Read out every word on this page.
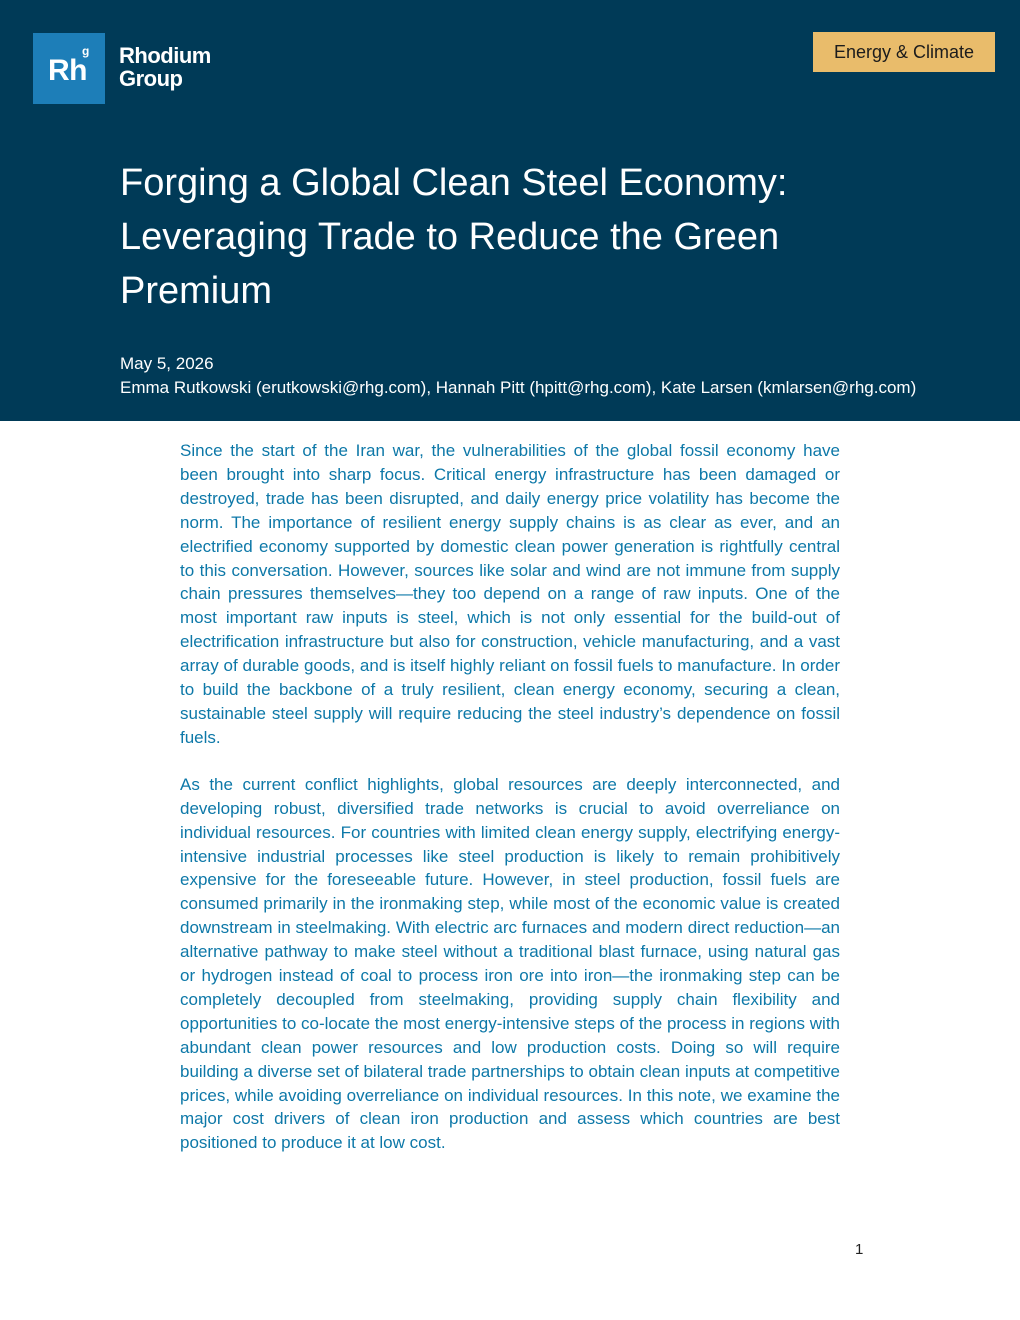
Rh
g Rhodium
Group
Energy & Climate
Forging a Global Clean Steel Economy: Leveraging Trade to Reduce the Green Premium
May 5, 2026
Emma Rutkowski (erutkowski@rhg.com), Hannah Pitt (hpitt@rhg.com), Kate Larsen (kmlarsen@rhg.com)

Since the start of the Iran war, the vulnerabilities of the global fossil economy have been brought into sharp focus. Critical energy infrastructure has been damaged or destroyed, trade has been disrupted, and daily energy price volatility has become the norm. The importance of resilient energy supply chains is as clear as ever, and an electrified economy supported by domestic clean power generation is rightfully central to this conversation. However, sources like solar and wind are not immune from supply chain pressures themselves—they too depend on a range of raw inputs. One of the most important raw inputs is steel, which is not only essential for the build-out of electrification infrastructure but also for construction, vehicle manufacturing, and a vast array of durable goods, and is itself highly reliant on fossil fuels to manufacture. In order to build the backbone of a truly resilient, clean energy economy, securing a clean, sustainable steel supply will require reducing the steel industry’s dependence on fossil fuels.

As the current conflict highlights, global resources are deeply interconnected, and developing robust, diversified trade networks is crucial to avoid overreliance on individual resources. For countries with limited clean energy supply, electrifying energy-intensive industrial processes like steel production is likely to remain prohibitively expensive for the foreseeable future. However, in steel production, fossil fuels are consumed primarily in the ironmaking step, while most of the economic value is created downstream in steelmaking. With electric arc furnaces and modern direct reduction—an alternative pathway to make steel without a traditional blast furnace, using natural gas or hydrogen instead of coal to process iron ore into iron—the ironmaking step can be completely decoupled from steelmaking, providing supply chain flexibility and opportunities to co-locate the most energy-intensive steps of the process in regions with abundant clean power resources and low production costs. Doing so will require building a diverse set of bilateral trade partnerships to obtain clean inputs at competitive prices, while avoiding overreliance on individual resources. In this note, we examine the major cost drivers of clean iron production and assess which countries are best positioned to produce it at low cost.

1
